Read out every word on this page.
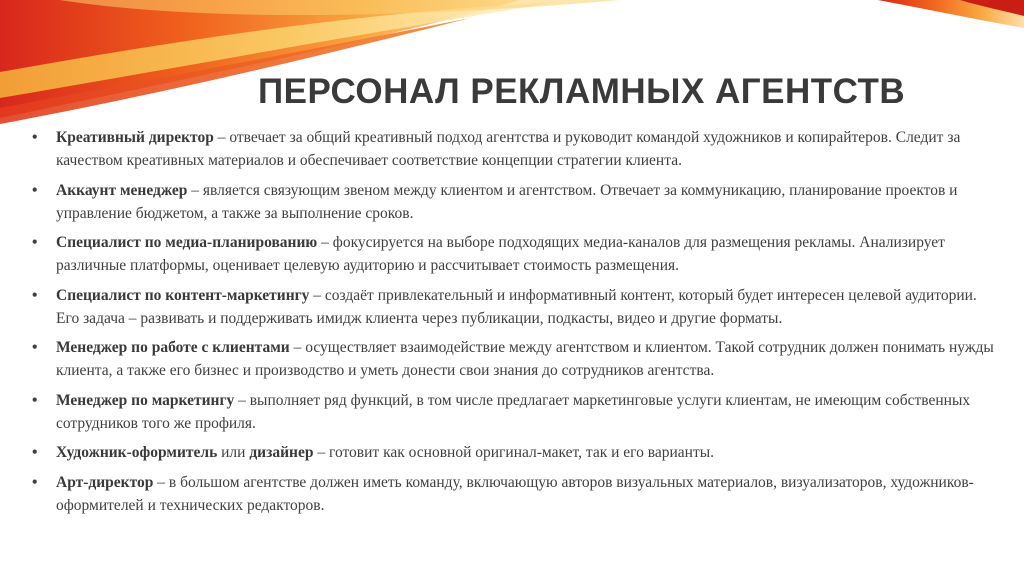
ПЕРСОНАЛ РЕКЛАМНЫХ АГЕНТСТВ
• Креативный директор – отвечает за общий креативный подход агентства и руководит командой художников и копирайтеров. Следит за качеством креативных материалов и обеспечивает соответствие концепции стратегии клиента.
• Аккаунт менеджер – является связующим звеном между клиентом и агентством. Отвечает за коммуникацию, планирование проектов и управление бюджетом, а также за выполнение сроков.
• Специалист по медиа-планированию – фокусируется на выборе подходящих медиа-каналов для размещения рекламы. Анализирует различные платформы, оценивает целевую аудиторию и рассчитывает стоимость размещения.
• Специалист по контент-маркетингу – создаёт привлекательный и информативный контент, который будет интересен целевой аудитории. Его задача – развивать и поддерживать имидж клиента через публикации, подкасты, видео и другие форматы.
• Менеджер по работе с клиентами – осуществляет взаимодействие между агентством и клиентом. Такой сотрудник должен понимать нужды клиента, а также его бизнес и производство и уметь донести свои знания до сотрудников агентства.
• Менеджер по маркетингу – выполняет ряд функций, в том числе предлагает маркетинговые услуги клиентам, не имеющим собственных сотрудников того же профиля.
• Художник-оформитель или дизайнер – готовит как основной оригинал-макет, так и его варианты.
• Арт-директор – в большом агентстве должен иметь команду, включающую авторов визуальных материалов, визуализаторов, художников-оформителей и технических редакторов.
